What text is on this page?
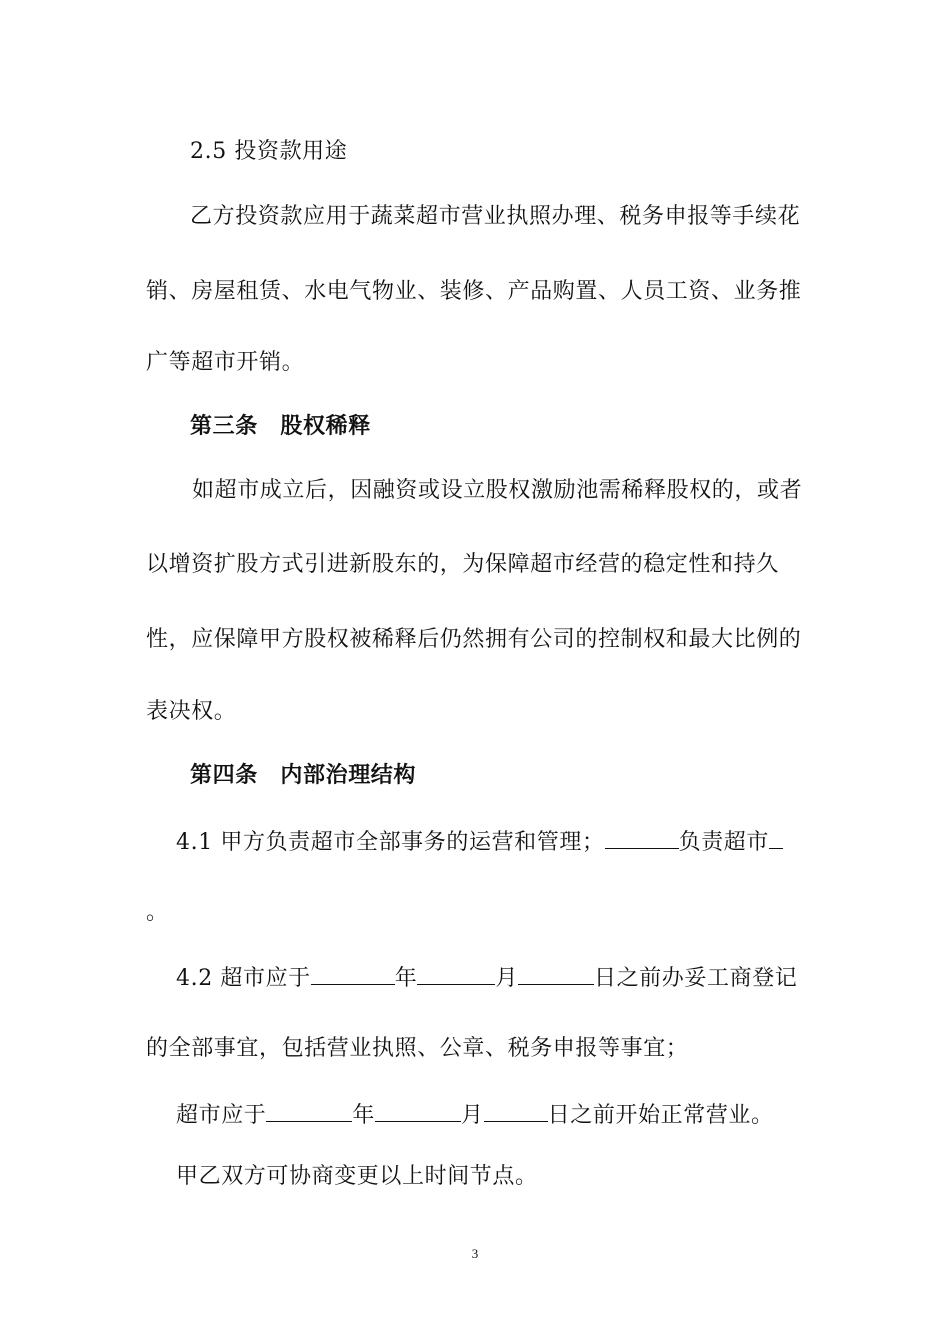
2.5 投资款用途
乙方投资款应用于蔬菜超市营业执照办理、税务申报等手续花
销、房屋租赁、水电气物业、装修、产品购置、人员工资、业务推
广等超市开销。
第三条　股权稀释
如超市成立后，因融资或设立股权激励池需稀释股权的，或者
以增资扩股方式引进新股东的，为保障超市经营的稳定性和持久
性，应保障甲方股权被稀释后仍然拥有公司的控制权和最大比例的
表决权。
第四条　内部治理结构
4.1 甲方负责超市全部事务的运营和管理；	负责超市
。
4.2 超市应于	年	月	日之前办妥工商登记
的全部事宜，包括营业执照、公章、税务申报等事宜；
超市应于	年	月	日之前开始正常营业。
甲乙双方可协商变更以上时间节点。
3
